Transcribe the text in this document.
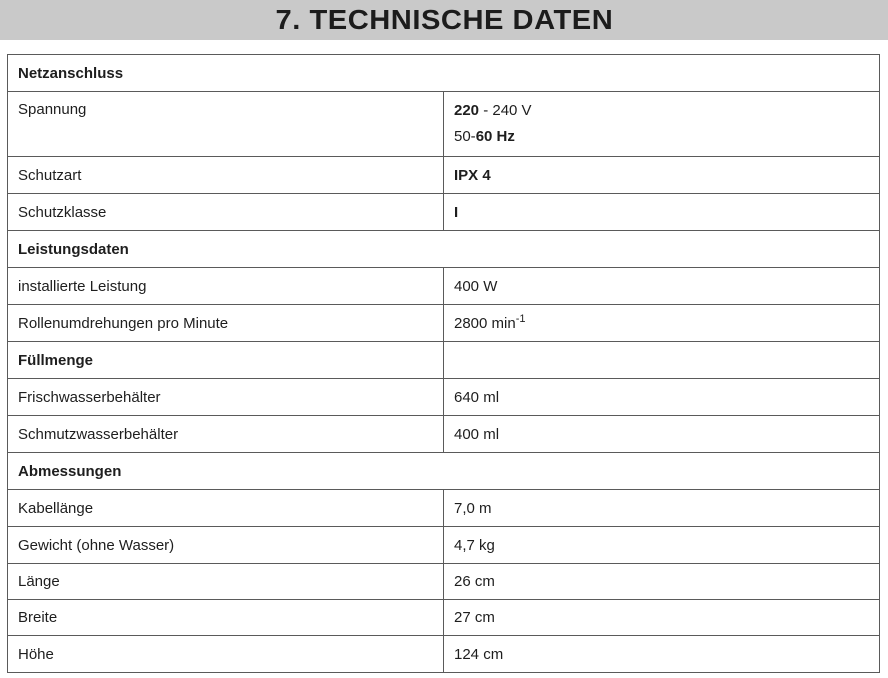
7. TECHNISCHE DATEN
Netzanschluss	
Spannung	220 - 240 V
50-60 Hz

Schutzart	IPX 4
Schutzklasse	I
Leistungsdaten	
installierte Leistung	400 W
Rollenumdrehungen pro Minute	2800 $\min^{-1}$
Füllmenge	
Frischwasserbehälter	640 ml
Schmutzwasserbehälter	400 ml
Abmessungen	
Kabellänge	7,0 m
Gewicht (ohne Wasser)	4,7 kg
Länge	26 cm
Breite	27 cm
Höhe	124 cm
